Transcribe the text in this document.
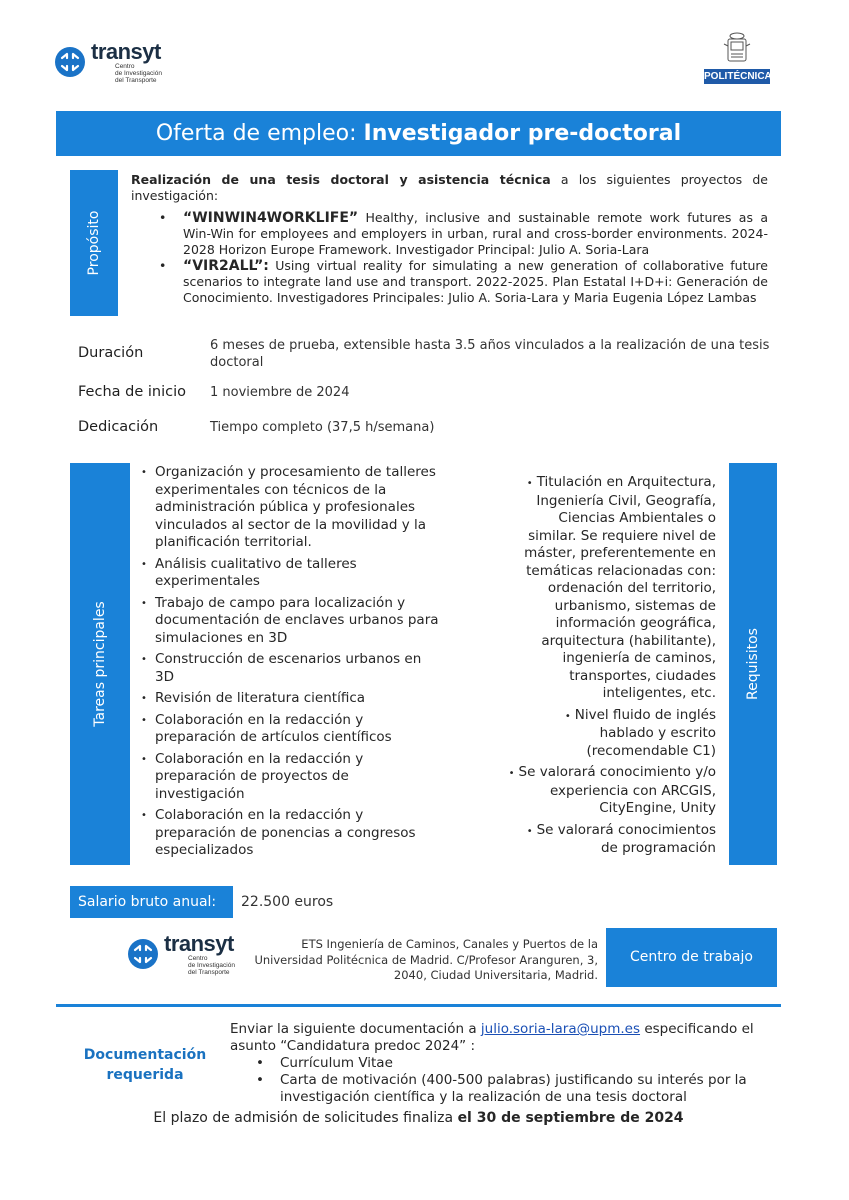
transyt
Centro
de Investigación
del Transporte	POLITÉCNICA
Oferta de empleo: Investigador pre-doctoral
Propósito

Realización de una tesis doctoral y asistencia técnica a los siguientes proyectos de investigación:

• “WINWIN4WORKLIFE” Healthy, inclusive and sustainable remote work futures as a Win-Win for employees and employers in urban, rural and cross-border environments. 2024-2028 Horizon Europe Framework. Investigador Principal: Julio A. Soria-Lara
• “VIR2ALL”: Using virtual reality for simulating a new generation of collaborative future scenarios to integrate land use and transport. 2022-2025. Plan Estatal I+D+i: Generación de Conocimiento. Investigadores Principales: Julio A. Soria-Lara y Maria Eugenia López Lambas
Duración	6 meses de prueba, extensible hasta 3.5 años vinculados a la realización de una tesis doctoral
Fecha de inicio 1 noviembre de 2024
Dedicación	Tiempo completo (37,5 h/semana)
Tareas principales
• Organización y procesamiento de talleres experimentales con técnicos de la administración pública y profesionales vinculados al sector de la movilidad y la planificación territorial.
• Análisis cualitativo de talleres experimentales
• Trabajo de campo para localización y documentación de enclaves urbanos para simulaciones en 3D
• Construcción de escenarios urbanos en 3D
• Revisión de literatura científica
• Colaboración en la redacción y preparación de artículos científicos
• Colaboración en la redacción y preparación de proyectos de investigación
• Colaboración en la redacción y preparación de ponencias a congresos especializados
• Titulación en Arquitectura, Ingeniería Civil, Geografía, Ciencias Ambientales o similar. Se requiere nivel de máster, preferentemente en temáticas relacionadas con: ordenación del territorio, urbanismo, sistemas de información geográfica, arquitectura (habilitante), ingeniería de caminos, transportes, ciudades inteligentes, etc.
• Nivel fluido de inglés hablado y escrito (recomendable C1)
• Se valorará conocimiento y/o experiencia con ARCGIS, CityEngine, Unity
• Se valorará conocimientos de programación
Requisitos
Salario bruto anual:	22.500 euros
transyt
Centro
de Investigación
del Transporte
ETS Ingeniería de Caminos, Canales y Puertos de la Universidad Politécnica de Madrid. C/Profesor Aranguren, 3, 2040, Ciudad Universitaria, Madrid.
Centro de trabajo
Documentación requerida

Enviar la siguiente documentación a julio.soria-lara@upm.es especificando el asunto “Candidatura predoc 2024” :

• Currículum Vitae
• Carta de motivación (400-500 palabras) justificando su interés por la investigación científica y la realización de una tesis doctoral
El plazo de admisión de solicitudes finaliza el 30 de septiembre de 2024
